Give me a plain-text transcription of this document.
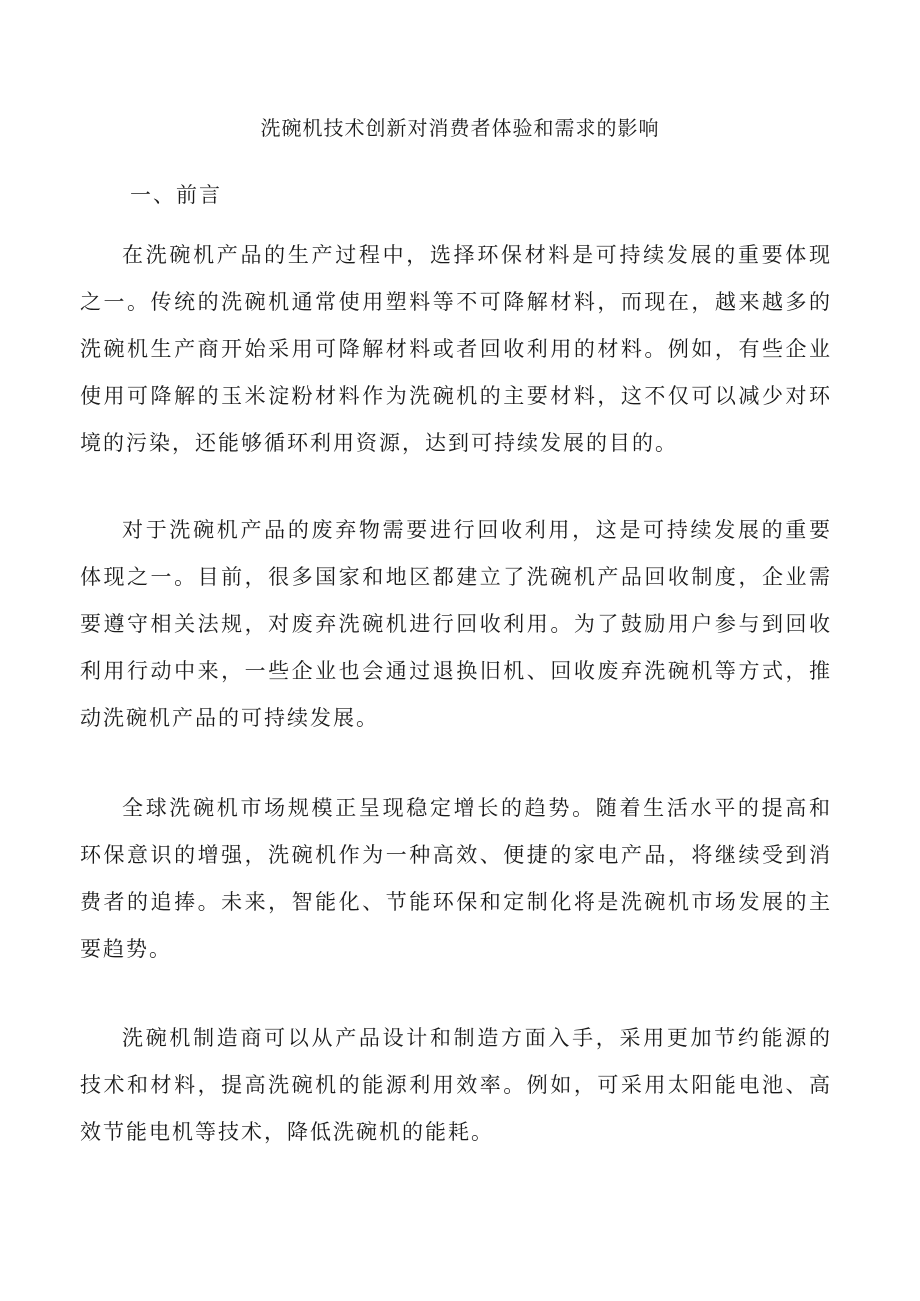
洗碗机技术创新对消费者体验和需求的影响
一、前言

在洗碗机产品的生产过程中，选择环保材料是可持续发展的重要体现之一。传统的洗碗机通常使用塑料等不可降解材料，而现在，越来越多的洗碗机生产商开始采用可降解材料或者回收利用的材料。例如，有些企业使用可降解的玉米淀粉材料作为洗碗机的主要材料，这不仅可以减少对环境的污染，还能够循环利用资源，达到可持续发展的目的。

对于洗碗机产品的废弃物需要进行回收利用，这是可持续发展的重要体现之一。目前，很多国家和地区都建立了洗碗机产品回收制度，企业需要遵守相关法规，对废弃洗碗机进行回收利用。为了鼓励用户参与到回收利用行动中来，一些企业也会通过退换旧机、回收废弃洗碗机等方式，推动洗碗机产品的可持续发展。

全球洗碗机市场规模正呈现稳定增长的趋势。随着生活水平的提高和环保意识的增强，洗碗机作为一种高效、便捷的家电产品，将继续受到消费者的追捧。未来，智能化、节能环保和定制化将是洗碗机市场发展的主要趋势。

洗碗机制造商可以从产品设计和制造方面入手，采用更加节约能源的技术和材料，提高洗碗机的能源利用效率。例如，可采用太阳能电池、高效节能电机等技术，降低洗碗机的能耗。
